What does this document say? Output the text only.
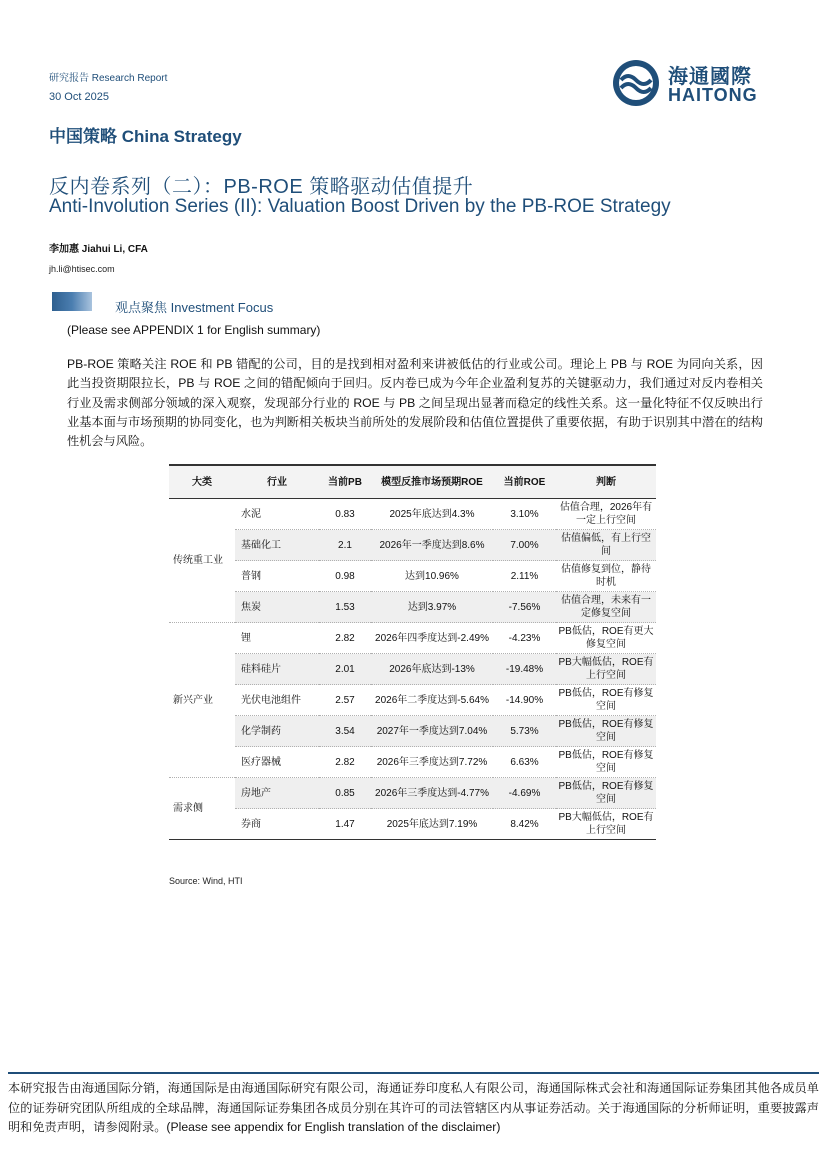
研究报告 Research Report
30 Oct 2025
海通國際
HAITONG
中国策略 China Strategy
反内卷系列（二）：PB-ROE 策略驱动估值提升
Anti-Involution Series (II): Valuation Boost Driven by the PB-ROE Strategy
李加惠 Jiahui Li, CFA
jh.li@htisec.com
观点聚焦 Investment Focus
(Please see APPENDIX 1 for English summary)

PB-ROE 策略关注 ROE 和 PB 错配的公司，目的是找到相对盈利来讲被低估的行业或公司。理论上 PB 与 ROE 为同向关系，因此当投资期限拉长，PB 与 ROE 之间的错配倾向于回归。反内卷已成为今年企业盈利复苏的关键驱动力，我们通过对反内卷相关行业及需求侧部分领域的深入观察，发现部分行业的 ROE 与 PB 之间呈现出显著而稳定的线性关系。这一量化特征不仅反映出行业基本面与市场预期的协同变化，也为判断相关板块当前所处的发展阶段和估值位置提供了重要依据，有助于识别其中潜在的结构性机会与风险。

大类	行业	当前PB	模型反推市场预期ROE	当前ROE	判断
传统重工业	水泥	0.83	2025年底达到4.3%	3.10%	估值合理，2026年有一定上行空间
	基础化工	2.1	2026年一季度达到8.6%	7.00%	估值偏低，有上行空间
	普钢	0.98	达到10.96%	2.11%	估值修复到位，静待时机
	焦炭	1.53	达到3.97%	-7.56%	估值合理，未来有一定修复空间
新兴产业	锂	2.82	2026年四季度达到-2.49%	-4.23%	PB低估，ROE有更大修复空间
	硅料硅片	2.01	2026年底达到-13%	-19.48%	PB大幅低估，ROE有上行空间
	光伏电池组件	2.57	2026年二季度达到-5.64%	-14.90%	PB低估，ROE有修复空间
	化学制药	3.54	2027年一季度达到7.04%	5.73%	PB低估，ROE有修复空间
	医疗器械	2.82	2026年三季度达到7.72%	6.63%	PB低估，ROE有修复空间
需求侧	房地产	0.85	2026年三季度达到-4.77%	-4.69%	PB低估，ROE有修复空间
	券商	1.47	2025年底达到7.19%	8.42%	PB大幅低估，ROE有上行空间
Source: Wind, HTI
本研究报告由海通国际分销，海通国际是由海通国际研究有限公司，海通证券印度私人有限公司，海通国际株式会社和海通国际证券集团其他各成员单位的证券研究团队所组成的全球品牌，海通国际证券集团各成员分别在其许可的司法管辖区内从事证券活动。关于海通国际的分析师证明，重要披露声明和免责声明，请参阅附录。(Please see appendix for English translation of the disclaimer)
